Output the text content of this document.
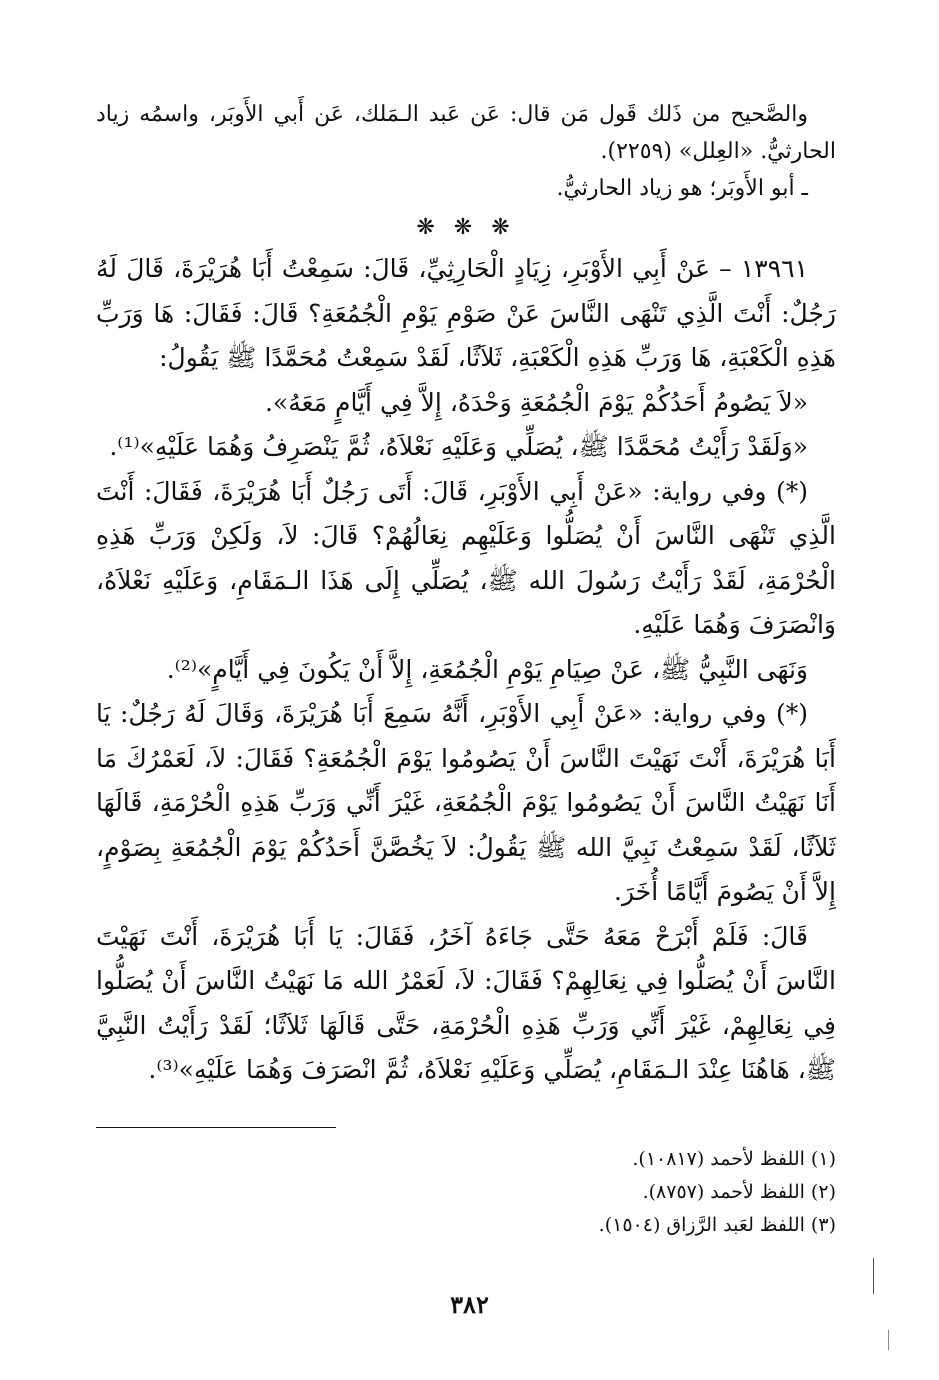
والصَّحيح من ذَلك قَول مَن قال: عَن عَبد الـمَلك، عَن أَبي الأَوبَر، واسمُه زياد الحارثيُّ. «العِلل» (٢٢٥٩).

ـ أبو الأَوبَر؛ هو زياد الحارثيُّ.

❋ ❋ ❋

١٣٩٦١ – عَنْ أَبِي الأَوْبَرِ، زِيَادٍ الْحَارِثِيِّ، قَالَ: سَمِعْتُ أَبَا هُرَيْرَةَ، قَالَ لَهُ رَجُلٌ: أَنْتَ الَّذِي تَنْهَى النَّاسَ عَنْ صَوْمِ يَوْمِ الْجُمُعَةِ؟ قَالَ: فَقَالَ: هَا وَرَبِّ هَذِهِ الْكَعْبَةِ، هَا وَرَبِّ هَذِهِ الْكَعْبَةِ، ثَلاَثًا، لَقَدْ سَمِعْتُ مُحَمَّدًا ﷺ يَقُولُ:

«لاَ يَصُومُ أَحَدُكُمْ يَوْمَ الْجُمُعَةِ وَحْدَهُ، إِلاَّ فِي أَيَّامٍ مَعَهُ».

«وَلَقَدْ رَأَيْتُ مُحَمَّدًا ﷺ، يُصَلِّي وَعَلَيْهِ نَعْلاَهُ، ثُمَّ يَنْصَرِفُ وَهُمَا عَلَيْهِ»⁽¹⁾.

(*) وفي رواية: «عَنْ أَبِي الأَوْبَرِ، قَالَ: أَتَى رَجُلٌ أَبَا هُرَيْرَةَ، فَقَالَ: أَنْتَ الَّذِي تَنْهَى النَّاسَ أَنْ يُصَلُّوا وَعَلَيْهِم نِعَالُهُمْ؟ قَالَ: لاَ، وَلَكِنْ وَرَبِّ هَذِهِ الْحُرْمَةِ، لَقَدْ رَأَيْتُ رَسُولَ الله ﷺ، يُصَلِّي إِلَى هَذَا الـمَقَامِ، وَعَلَيْهِ نَعْلاَهُ، وَانْصَرَفَ وَهُمَا عَلَيْهِ.

وَنَهَى النَّبِيُّ ﷺ، عَنْ صِيَامِ يَوْمِ الْجُمُعَةِ، إِلاَّ أَنْ يَكُونَ فِي أَيَّامٍ»⁽²⁾.

(*) وفي رواية: «عَنْ أَبِي الأَوْبَرِ، أَنَّهُ سَمِعَ أَبَا هُرَيْرَةَ، وَقَالَ لَهُ رَجُلٌ: يَا أَبَا هُرَيْرَةَ، أَنْتَ نَهَيْتَ النَّاسَ أَنْ يَصُومُوا يَوْمَ الْجُمُعَةِ؟ فَقَالَ: لاَ، لَعَمْرُكَ مَا أَنَا نَهَيْتُ النَّاسَ أَنْ يَصُومُوا يَوْمَ الْجُمُعَةِ، غَيْرَ أَنِّي وَرَبِّ هَذِهِ الْحُرْمَةِ، قَالَهَا ثَلاَثًا، لَقَدْ سَمِعْتُ نَبِيَّ الله ﷺ يَقُولُ: لاَ يَخُصَّنَّ أَحَدُكُمْ يَوْمَ الْجُمُعَةِ بِصَوْمٍ، إِلاَّ أَنْ يَصُومَ أَيَّامًا أُخَرَ.

قَالَ: فَلَمْ أَبْرَحْ مَعَهُ حَتَّى جَاءَهُ آخَرُ، فَقَالَ: يَا أَبَا هُرَيْرَةَ، أَنْتَ نَهَيْتَ النَّاسَ أَنْ يُصَلُّوا فِي نِعَالِهِمْ؟ فَقَالَ: لاَ، لَعَمْرُ الله مَا نَهَيْتُ النَّاسَ أَنْ يُصَلُّوا فِي نِعَالِهِمْ، غَيْرَ أَنِّي وَرَبِّ هَذِهِ الْحُرْمَةِ، حَتَّى قَالَهَا ثَلاَثًا؛ لَقَدْ رَأَيْتُ النَّبِيَّ ﷺ، هَاهُنَا عِنْدَ الـمَقَامِ، يُصَلِّي وَعَلَيْهِ نَعْلاَهُ، ثُمَّ انْصَرَفَ وَهُمَا عَلَيْهِ»⁽³⁾.

(١) اللفظ لأحمد (١٠٨١٧).

(٢) اللفظ لأحمد (٨٧٥٧).

(٣) اللفظ لعَبد الرَّزاق (١٥٠٤).

٣٨٢
